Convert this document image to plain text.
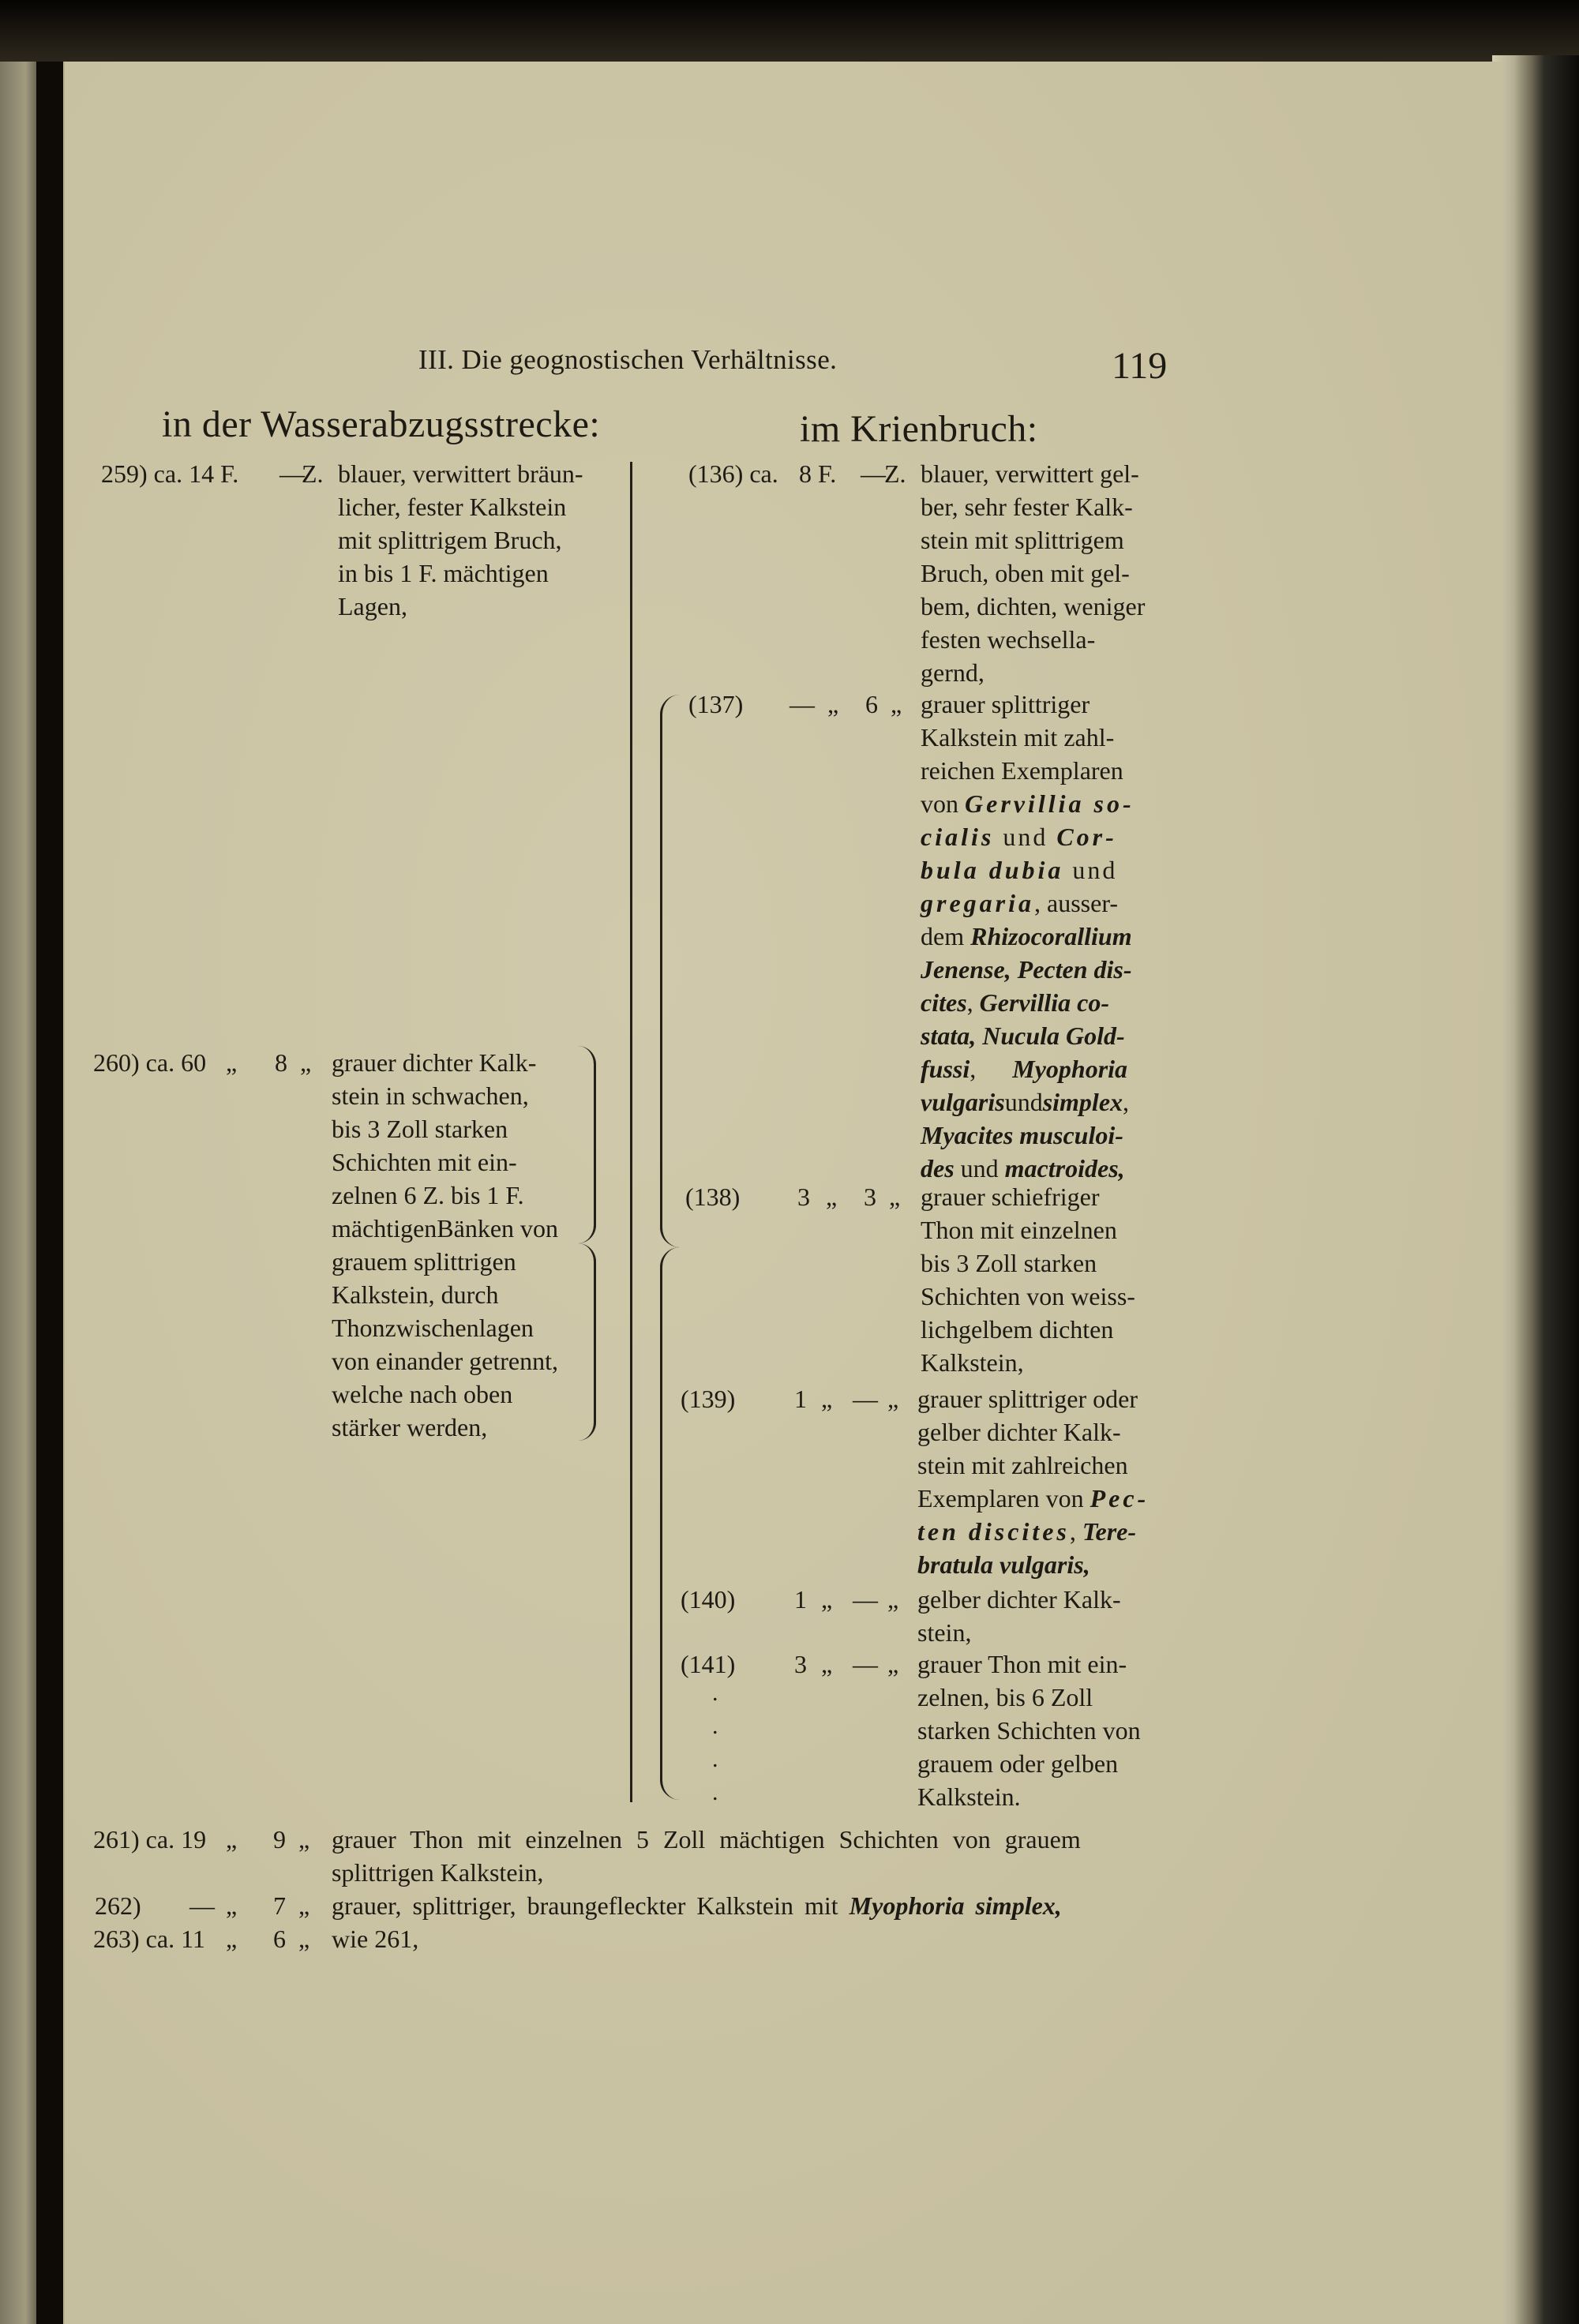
III. Die geognostischen Verhältnisse.	119
in der Wasserabzugsstrecke:	im Krienbruch:
259) ca. 14 F. —
Z. blauer, verwittert bräun-
licher, fester Kalkstein
mit splittrigem Bruch,
in bis 1 F. mächtigen
Lagen,
260) ca. 60 „ 8 „ grauer dichter Kalk-
stein in schwachen,
bis 3 Zoll starken
Schichten mit ein-
zelnen 6 Z. bis 1 F.
mächtigenBänken von
grauem splittrigen
Kalkstein, durch
Thonzwischenlagen
von einander getrennt,
welche nach oben
stärker werden,
(136) ca. 8 F. —
Z. blauer, verwittert gel-
ber, sehr fester Kalk-
stein mit splittrigem
Bruch, oben mit gel-
bem, dichten, weniger
festen wechsella-
gernd,
(137) — „ 6 „ grauer splittriger
Kalkstein mit zahl-
reichen Exemplaren
von Gervillia so-
cialis und Cor-
bula dubia und
gregaria, ausser-
dem Rhizocorallium
Jenense, Pecten dis-
cites, Gervillia co-
stata, Nucula Gold-
fussi, Myophoria
vulgarisundsimplex,
Myacites musculoi-
des und mactroides,
(138) 3 „ 3 „ grauer schiefriger
Thon mit einzelnen
bis 3 Zoll starken
Schichten von weiss-
lichgelbem dichten
Kalkstein,
(139) 1 „ — „ grauer splittriger oder
gelber dichter Kalk-
stein mit zahlreichen
Exemplaren von Pec-
ten discites, Tere-
bratula vulgaris,
(140) 1 „ — „ gelber dichter Kalk-
stein,
(141) 3 „ — „ grauer Thon mit ein-
zelnen, bis 6 Zoll
starken Schichten von
grauem oder gelben
Kalkstein.
.
.
.
.
261) ca. 19 „ 9 „ grauer Thon mit einzelnen 5 Zoll mächtigen Schichten von grauem
splittrigen Kalkstein,
262) — „ 7 „ grauer, splittriger, braungefleckter Kalkstein mit Myophoria simplex,
263) ca. 11 „ 6 „ wie 261,
